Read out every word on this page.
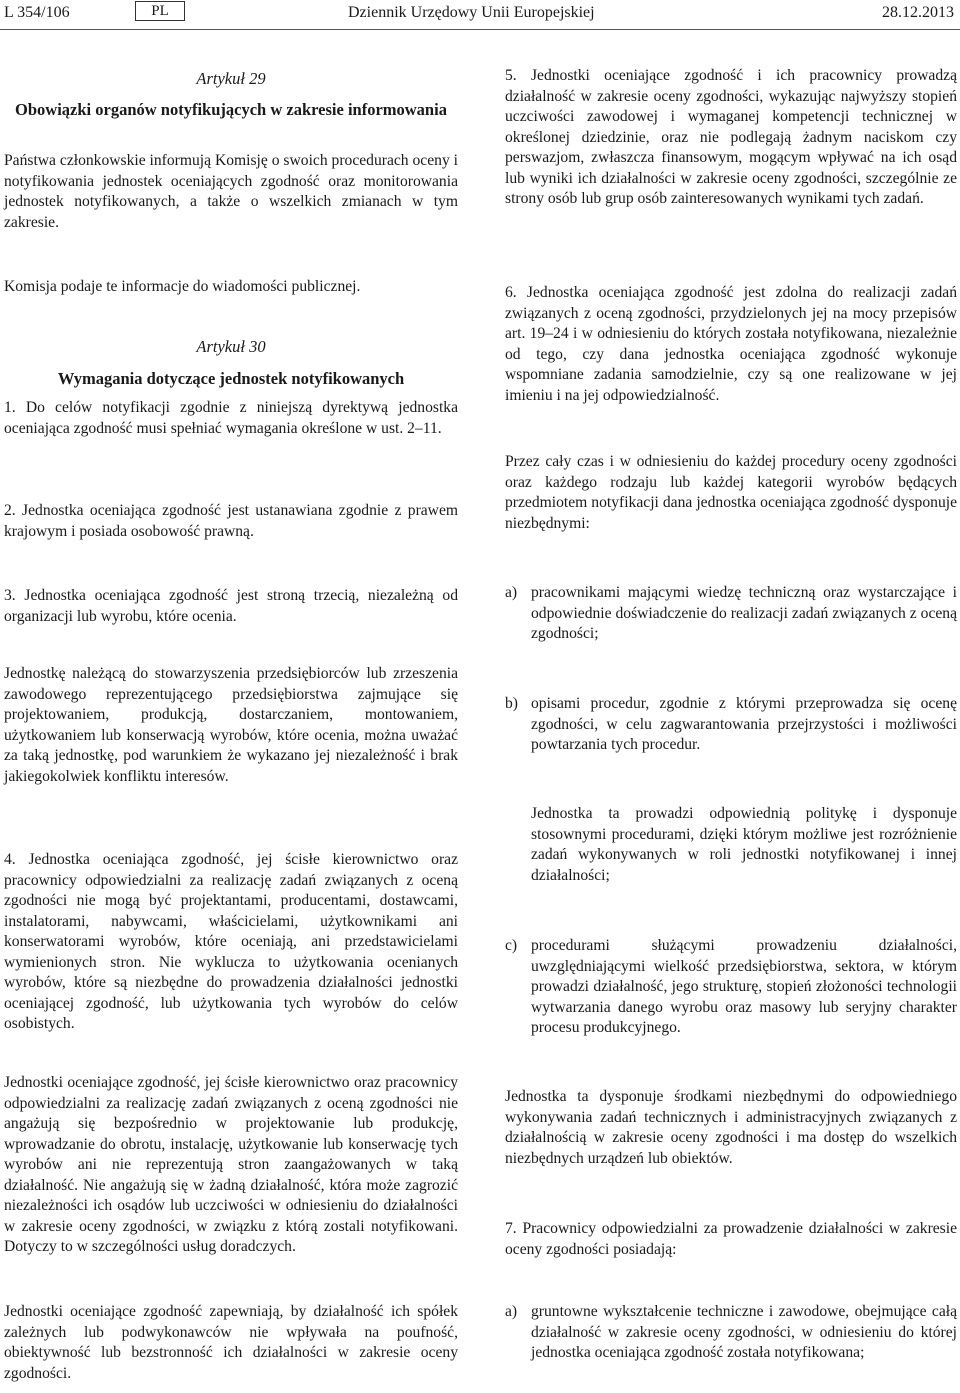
L 354/106	PL	Dziennik Urzędowy Unii Europejskiej	28.12.2013
Artykuł 29
Obowiązki organów notyfikujących w zakresie informowania
Państwa członkowskie informują Komisję o swoich procedurach oceny i notyfikowania jednostek oceniających zgodność oraz monitorowania jednostek notyfikowanych, a także o wszelkich zmianach w tym zakresie.
Komisja podaje te informacje do wiadomości publicznej.
Artykuł 30
Wymagania dotyczące jednostek notyfikowanych
1. Do celów notyfikacji zgodnie z niniejszą dyrektywą jednostka oceniająca zgodność musi spełniać wymagania określone w ust. 2–11.
2. Jednostka oceniająca zgodność jest ustanawiana zgodnie z prawem krajowym i posiada osobowość prawną.
3. Jednostka oceniająca zgodność jest stroną trzecią, niezależną od organizacji lub wyrobu, które ocenia.
Jednostkę należącą do stowarzyszenia przedsiębiorców lub zrzeszenia zawodowego reprezentującego przedsiębiorstwa zajmujące się projektowaniem, produkcją, dostarczaniem, montowaniem, użytkowaniem lub konserwacją wyrobów, które ocenia, można uważać za taką jednostkę, pod warunkiem że wykazano jej niezależność i brak jakiegokolwiek konfliktu interesów.
4. Jednostka oceniająca zgodność, jej ścisłe kierownictwo oraz pracownicy odpowiedzialni za realizację zadań związanych z oceną zgodności nie mogą być projektantami, producentami, dostawcami, instalatorami, nabywcami, właścicielami, użytkownikami ani konserwatorami wyrobów, które oceniają, ani przedstawicielami wymienionych stron. Nie wyklucza to użytkowania ocenianych wyrobów, które są niezbędne do prowadzenia działalności jednostki oceniającej zgodność, lub użytkowania tych wyrobów do celów osobistych.
Jednostki oceniające zgodność, jej ścisłe kierownictwo oraz pracownicy odpowiedzialni za realizację zadań związanych z oceną zgodności nie angażują się bezpośrednio w projektowanie lub produkcję, wprowadzanie do obrotu, instalację, użytkowanie lub konserwację tych wyrobów ani nie reprezentują stron zaangażowanych w taką działalność. Nie angażują się w żadną działalność, która może zagrozić niezależności ich osądów lub uczciwości w odniesieniu do działalności w zakresie oceny zgodności, w związku z którą zostali notyfikowani. Dotyczy to w szczególności usług doradczych.
Jednostki oceniające zgodność zapewniają, by działalność ich spółek zależnych lub podwykonawców nie wpływała na poufność, obiektywność lub bezstronność ich działalności w zakresie oceny zgodności.
5. Jednostki oceniające zgodność i ich pracownicy prowadzą działalność w zakresie oceny zgodności, wykazując najwyższy stopień uczciwości zawodowej i wymaganej kompetencji technicznej w określonej dziedzinie, oraz nie podlegają żadnym naciskom czy perswazjom, zwłaszcza finansowym, mogącym wpływać na ich osąd lub wyniki ich działalności w zakresie oceny zgodności, szczególnie ze strony osób lub grup osób zainteresowanych wynikami tych zadań.
6. Jednostka oceniająca zgodność jest zdolna do realizacji zadań związanych z oceną zgodności, przydzielonych jej na mocy przepisów art. 19–24 i w odniesieniu do których została notyfikowana, niezależnie od tego, czy dana jednostka oceniająca zgodność wykonuje wspomniane zadania samodzielnie, czy są one realizowane w jej imieniu i na jej odpowiedzialność.
Przez cały czas i w odniesieniu do każdej procedury oceny zgodności oraz każdego rodzaju lub każdej kategorii wyrobów będących przedmiotem notyfikacji dana jednostka oceniająca zgodność dysponuje niezbędnymi:
a) pracownikami mającymi wiedzę techniczną oraz wystarczające i odpowiednie doświadczenie do realizacji zadań związanych z oceną zgodności;
b) opisami procedur, zgodnie z którymi przeprowadza się ocenę zgodności, w celu zagwarantowania przejrzystości i możliwości powtarzania tych procedur.
Jednostka ta prowadzi odpowiednią politykę i dysponuje stosownymi procedurami, dzięki którym możliwe jest rozróżnienie zadań wykonywanych w roli jednostki notyfikowanej i innej działalności;
c) procedurami służącymi prowadzeniu działalności, uwzględniającymi wielkość przedsiębiorstwa, sektora, w którym prowadzi działalność, jego strukturę, stopień złożoności technologii wytwarzania danego wyrobu oraz masowy lub seryjny charakter procesu produkcyjnego.
Jednostka ta dysponuje środkami niezbędnymi do odpowiedniego wykonywania zadań technicznych i administracyjnych związanych z działalnością w zakresie oceny zgodności i ma dostęp do wszelkich niezbędnych urządzeń lub obiektów.
7. Pracownicy odpowiedzialni za prowadzenie działalności w zakresie oceny zgodności posiadają:
a) gruntowne wykształcenie techniczne i zawodowe, obejmujące całą działalność w zakresie oceny zgodności, w odniesieniu do której jednostka oceniająca zgodność została notyfikowana;
